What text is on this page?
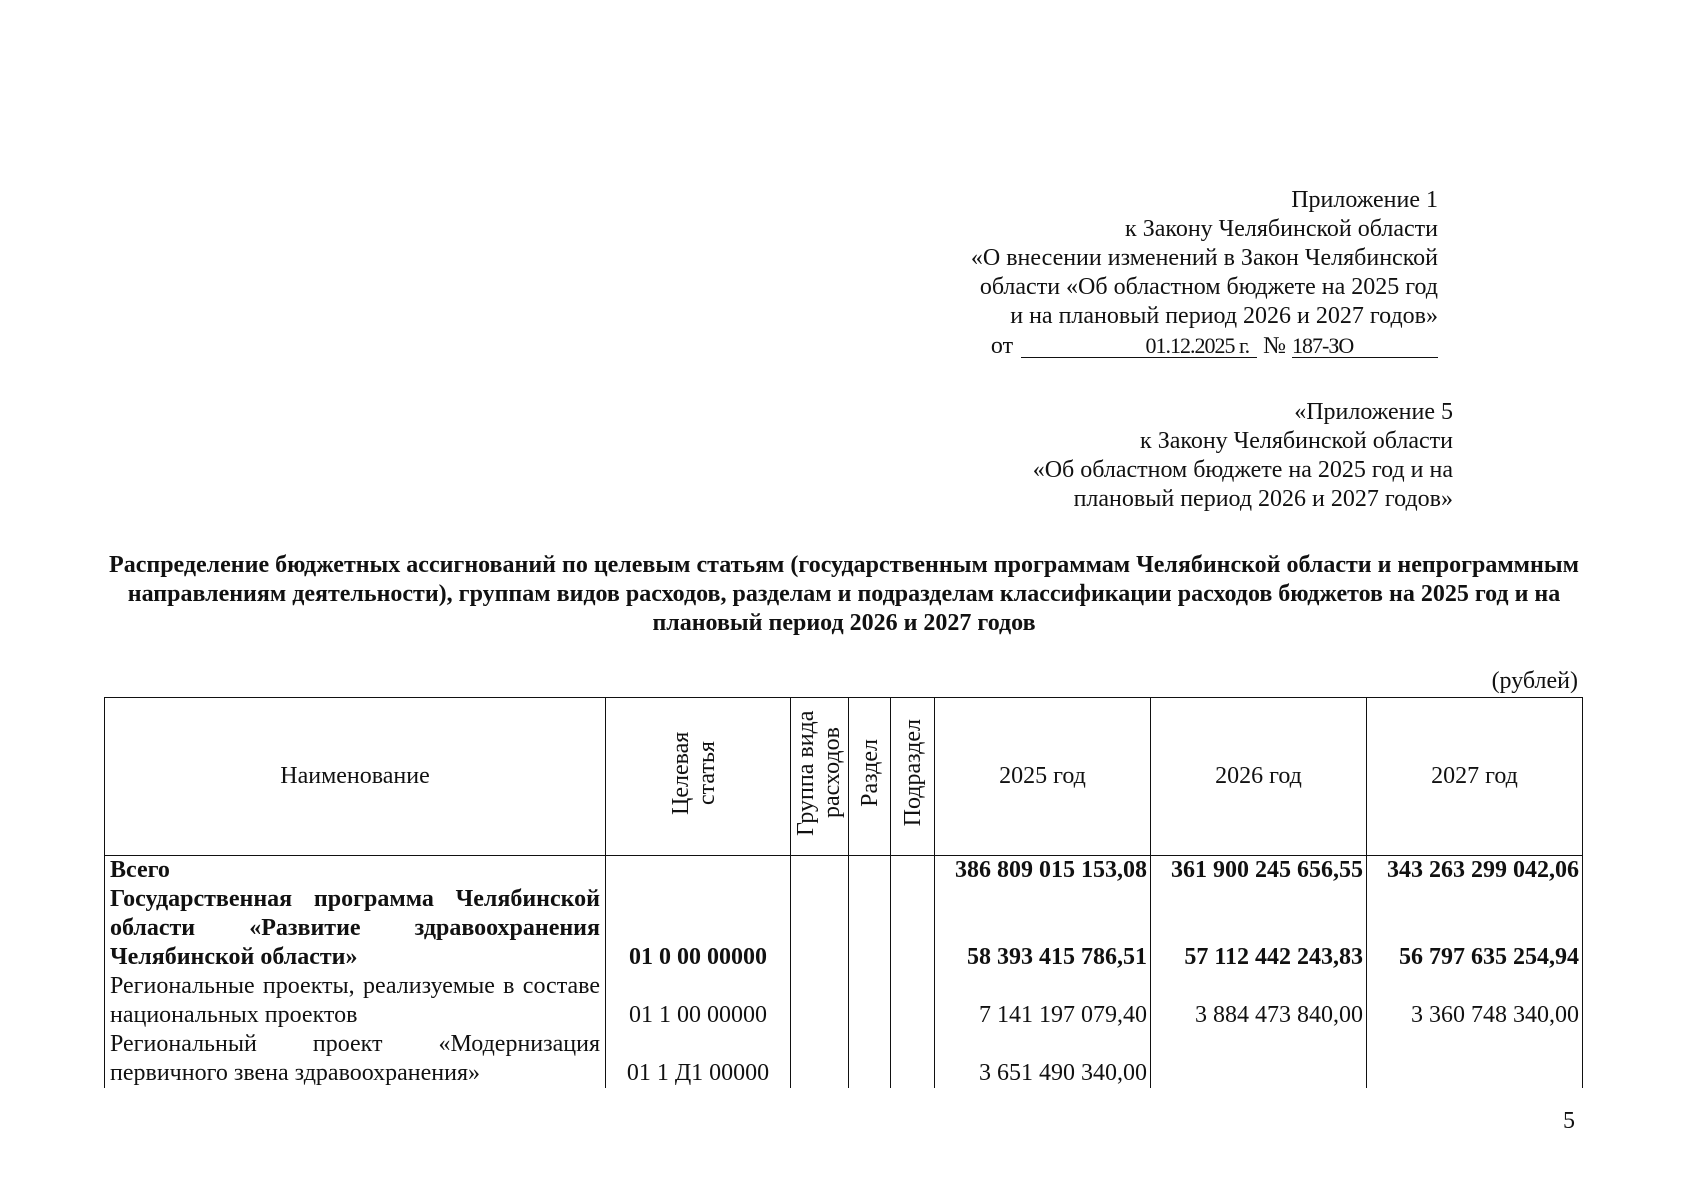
Приложение 1
к Закону Челябинской области
«О внесении изменений в Закон Челябинской
области «Об областном бюджете на 2025 год
и на плановый период 2026 и 2027 годов»
от	01.12.2025 г. № 187-ЗО
«Приложение 5
к Закону Челябинской области
«Об областном бюджете на 2025 год и на
плановый период 2026 и 2027 годов»
Распределение бюджетных ассигнований по целевым статьям (государственным программам Челябинской области и непрограммным направлениям деятельности), группам видов расходов, разделам и подразделам классификации расходов бюджетов на 2025 год и на плановый период 2026 и 2027 годов
(рублей)
Наименование	Целевая статья	Группа вида расходов	Раздел	Подраздел	2025 год	2026 год	2027 год
Всего					386 809 015 153,08	361 900 245 656,55	343 263 299 042,06
Государственная программа Челябинской области «Развитие здравоохранения Челябинской области»	01 0 00 00000				58 393 415 786,51	57 112 442 243,83	56 797 635 254,94
Региональные проекты, реализуемые в составе национальных проектов	01 1 00 00000				7 141 197 079,40	3 884 473 840,00	3 360 748 340,00
Региональный проект «Модернизация первичного звена здравоохранения»	01 1 Д1 00000				3 651 490 340,00		
5
